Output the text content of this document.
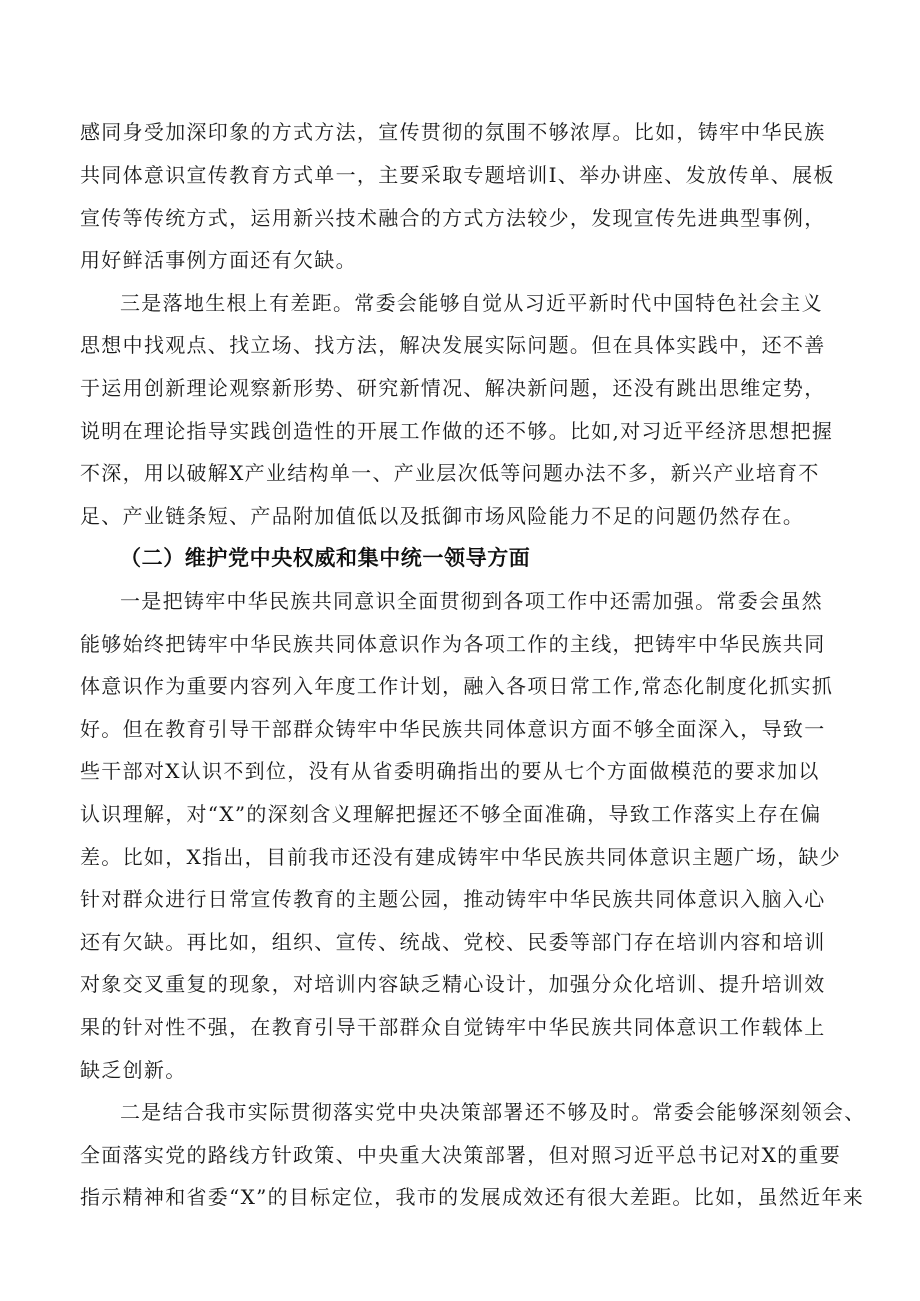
感同身受加深印象的方式方法，宣传贯彻的氛围不够浓厚。比如，铸牢中华民族
共同体意识宣传教育方式单一，主要采取专题培训I、举办讲座、发放传单、展板
宣传等传统方式，运用新兴技术融合的方式方法较少，发现宣传先进典型事例，
用好鲜活事例方面还有欠缺。
三是落地生根上有差距。常委会能够自觉从习近平新时代中国特色社会主义
思想中找观点、找立场、找方法，解决发展实际问题。但在具体实践中，还不善
于运用创新理论观察新形势、研究新情况、解决新问题，还没有跳出思维定势，
说明在理论指导实践创造性的开展工作做的还不够。比如,对习近平经济思想把握
不深，用以破解X产业结构单一、产业层次低等问题办法不多，新兴产业培育不
足、产业链条短、产品附加值低以及抵御市场风险能力不足的问题仍然存在。
（二）维护党中央权威和集中统一领导方面
一是把铸牢中华民族共同意识全面贯彻到各项工作中还需加强。常委会虽然
能够始终把铸牢中华民族共同体意识作为各项工作的主线，把铸牢中华民族共同
体意识作为重要内容列入年度工作计划，融入各项日常工作,常态化制度化抓实抓
好。但在教育引导干部群众铸牢中华民族共同体意识方面不够全面深入，导致一
些干部对X认识不到位，没有从省委明确指出的要从七个方面做模范的要求加以
认识理解，对“X”的深刻含义理解把握还不够全面准确，导致工作落实上存在偏
差。比如，X指出，目前我市还没有建成铸牢中华民族共同体意识主题广场，缺少
针对群众进行日常宣传教育的主题公园，推动铸牢中华民族共同体意识入脑入心
还有欠缺。再比如，组织、宣传、统战、党校、民委等部门存在培训内容和培训
对象交叉重复的现象，对培训内容缺乏精心设计，加强分众化培训、提升培训效
果的针对性不强，在教育引导干部群众自觉铸牢中华民族共同体意识工作载体上
缺乏创新。
二是结合我市实际贯彻落实党中央决策部署还不够及时。常委会能够深刻领会、
全面落实党的路线方针政策、中央重大决策部署，但对照习近平总书记对X的重要
指示精神和省委“X”的目标定位，我市的发展成效还有很大差距。比如，虽然近年来
